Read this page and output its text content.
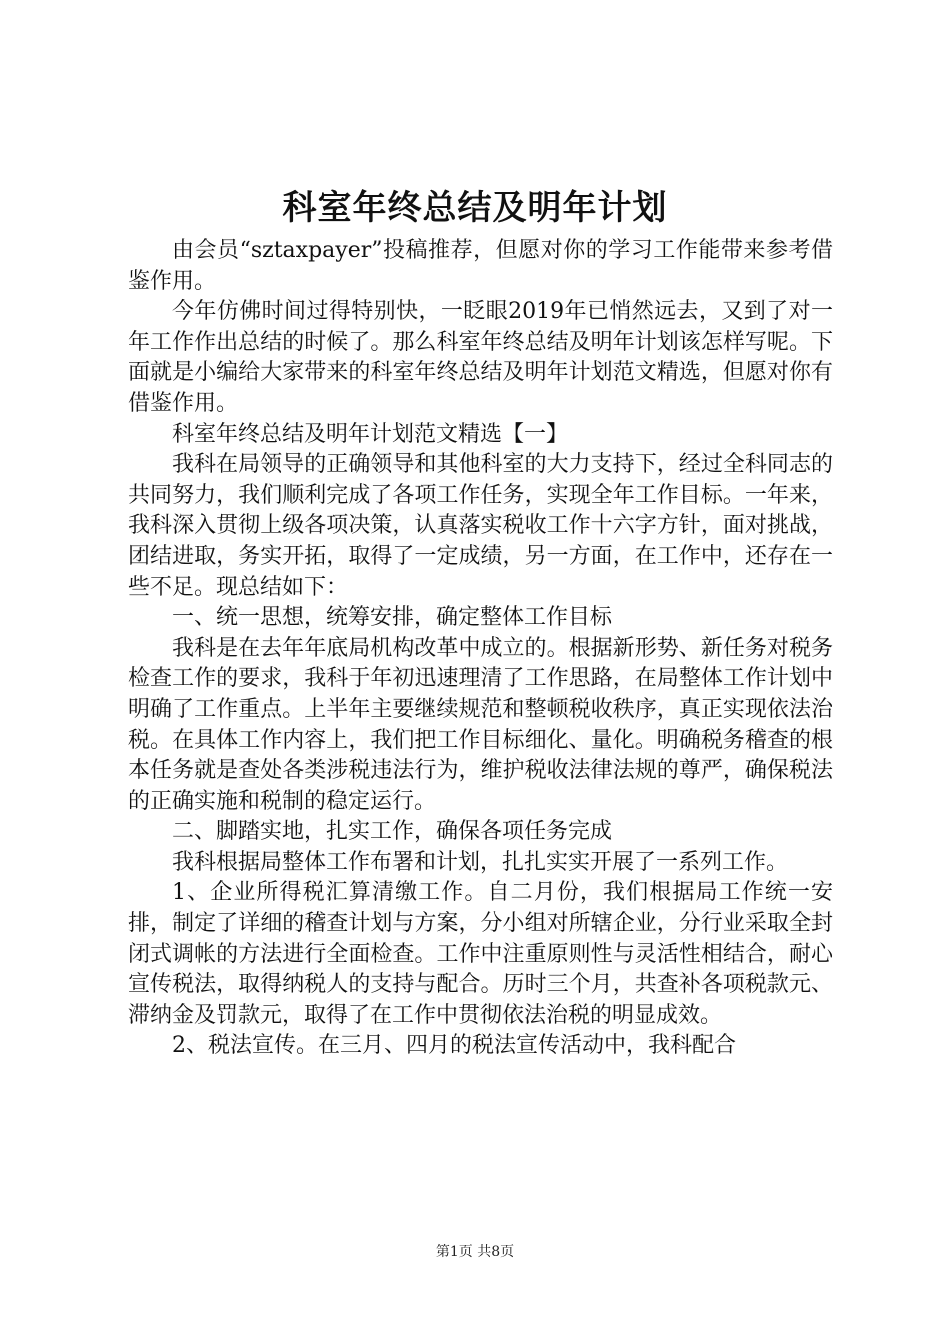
科室年终总结及明年计划

由会员“sztaxpayer”投稿推荐，但愿对你的学习工作能带来参考借鉴作用。

今年仿佛时间过得特别快，一眨眼2019年已悄然远去，又到了对一年工作作出总结的时候了。那么科室年终总结及明年计划该怎样写呢。下面就是小编给大家带来的科室年终总结及明年计划范文精选，但愿对你有借鉴作用。

科室年终总结及明年计划范文精选【一】

我科在局领导的正确领导和其他科室的大力支持下，经过全科同志的共同努力，我们顺利完成了各项工作任务，实现全年工作目标。一年来，我科深入贯彻上级各项决策，认真落实税收工作十六字方针，面对挑战，团结进取，务实开拓，取得了一定成绩，另一方面，在工作中，还存在一些不足。现总结如下：

一、统一思想，统筹安排，确定整体工作目标

我科是在去年年底局机构改革中成立的。根据新形势、新任务对税务检查工作的要求，我科于年初迅速理清了工作思路，在局整体工作计划中明确了工作重点。上半年主要继续规范和整顿税收秩序，真正实现依法治税。在具体工作内容上，我们把工作目标细化、量化。明确税务稽查的根本任务就是查处各类涉税违法行为，维护税收法律法规的尊严，确保税法的正确实施和税制的稳定运行。

二、脚踏实地，扎实工作，确保各项任务完成

我科根据局整体工作布署和计划，扎扎实实开展了一系列工作。

1、企业所得税汇算清缴工作。自二月份，我们根据局工作统一安排，制定了详细的稽查计划与方案，分小组对所辖企业，分行业采取全封闭式调帐的方法进行全面检查。工作中注重原则性与灵活性相结合，耐心宣传税法，取得纳税人的支持与配合。历时三个月，共查补各项税款元、滞纳金及罚款元，取得了在工作中贯彻依法治税的明显成效。

2、税法宣传。在三月、四月的税法宣传活动中，我科配合

第1页 共8页
